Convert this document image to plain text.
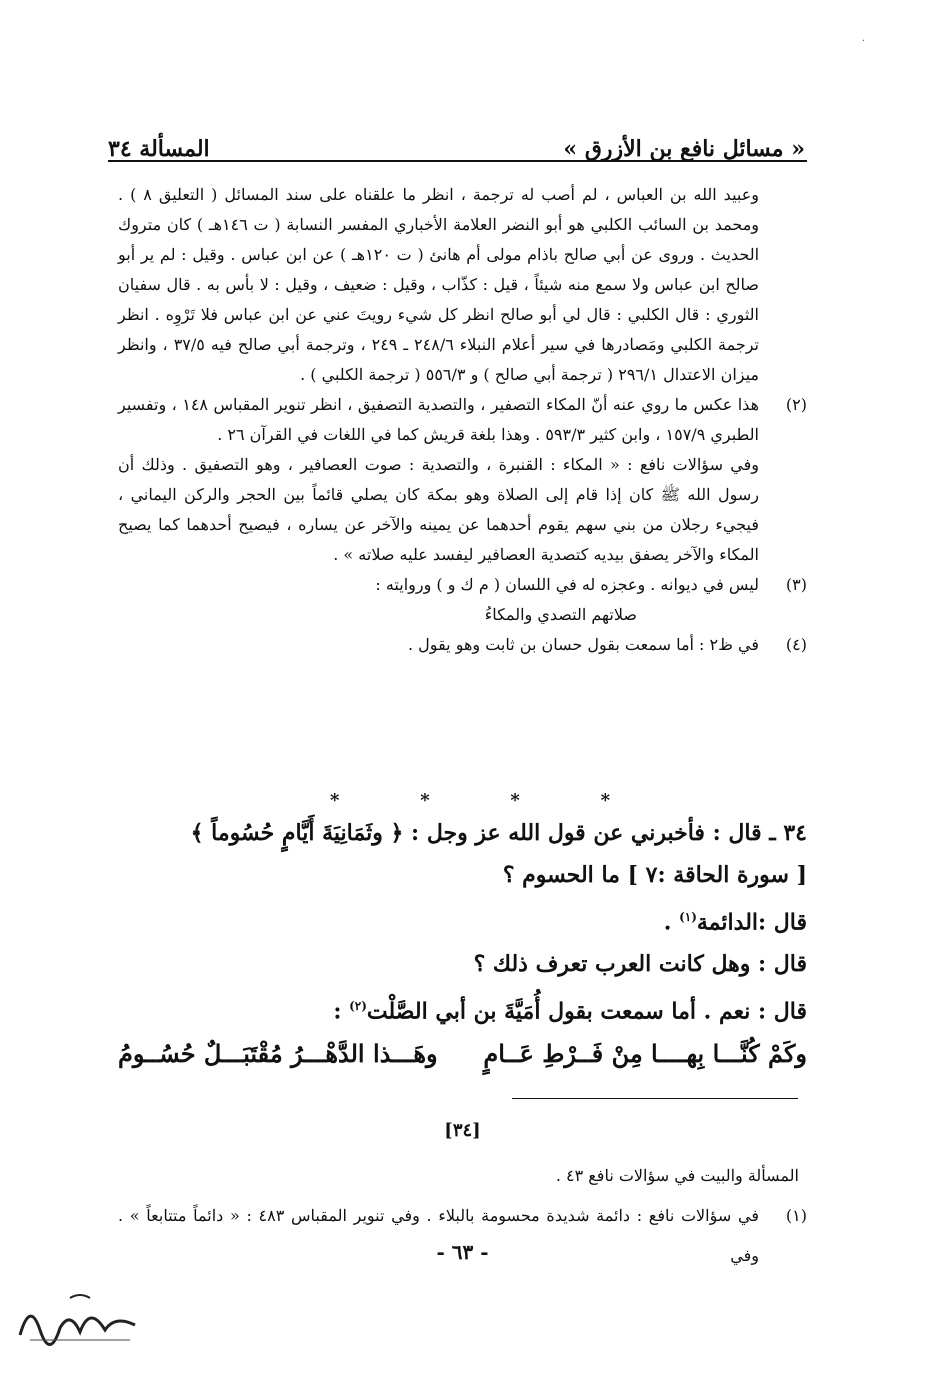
·
« مسائل نافع بن الأزرق »
المسألة ٣٤

وعبيد الله بن العباس ، لم أصب له ترجمة ، انظر ما علقناه على سند المسائل ( التعليق ٨ ) . ومحمد بن السائب الكلبي هو أبو النضر العلامة الأخباري المفسر النسابة ( ت ١٤٦هـ ) كان متروك الحديث . وروى عن أبي صالح باذام مولى أم هانئ ( ت ١٢٠هـ ) عن ابن عباس . وقيل : لم ير أبو صالح ابن عباس ولا سمع منه شيئاً ، قيل : كذّاب ، وقيل : ضعيف ، وقيل : لا بأس به . قال سفيان الثوري : قال الكلبي : قال لي أبو صالح انظر كل شيء رويتَ عني عن ابن عباس فلا تَرْوِه . انظر ترجمة الكلبي ومَصادرها في سير أعلام النبلاء ٢٤٨/٦ ـ ٢٤٩ ، وترجمة أبي صالح فيه ٣٧/٥ ، وانظر ميزان الاعتدال ٢٩٦/١ ( ترجمة أبي صالح ) و ٥٥٦/٣ ( ترجمة الكلبي ) .

(٢)
هذا عكس ما روي عنه أنّ المكاء التصفير ، والتصدية التصفيق ، انظر تنوير المقباس ١٤٨ ، وتفسير الطبري ١٥٧/٩ ، وابن كثير ٥٩٣/٣ . وهذا بلغة قريش كما في اللغات في القرآن ٢٦ .

وفي سؤالات نافع : « المكاء : القنبرة ، والتصدية : صوت العصافير ، وهو التصفيق . وذلك أن رسول الله ﷺ كان إذا قام إلى الصلاة وهو بمكة كان يصلي قائماً بين الحجر والركن اليماني ، فيجيء رجلان من بني سهم يقوم أحدهما عن يمينه والآخر عن يساره ، فيصيح أحدهما كما يصيح المكاء والآخر يصفق بيديه كتصدية العصافير ليفسد عليه صلاته » .

(٣)
ليس في ديوانه . وعجزه له في اللسان ( م ك و ) وروايته :

صلاتهم التصدي والمكاءُ

(٤)
في ظ٢ : أما سمعت بقول حسان بن ثابت وهو يقول .
*	*	*	*

٣٤ ـ قال : فأخبرني عن قول الله عز وجل : ﴿ وثَمَانِيَةَ أَيَّامٍ حُسُوماً ﴾

[ سورة الحاقة :٧ ] ما الحسوم ؟

قال :الدائمة$^{(١)}$ .

قال : وهل كانت العرب تعرف ذلك ؟

قال : نعم . أما سمعت بقول أُمَيَّةَ بن أبي الصَّلْت$^{(٢)}$ :

وكَمْ كُنَّـــا بِهــــا مِنْ فَــرْطِ عَــامٍ
وهَـــذا الدَّهْـــرُ مُقْتَبَـــلٌ حُسُــومُ
[٣٤]

المسألة والبيت في سؤالات نافع ٤٣ .

(١)
في سؤالات نافع : دائمة شديدة محسومة بالبلاء . وفي تنوير المقباس ٤٨٣ : « دائماً متتابعاً » . وفي
- ٦٣ -
